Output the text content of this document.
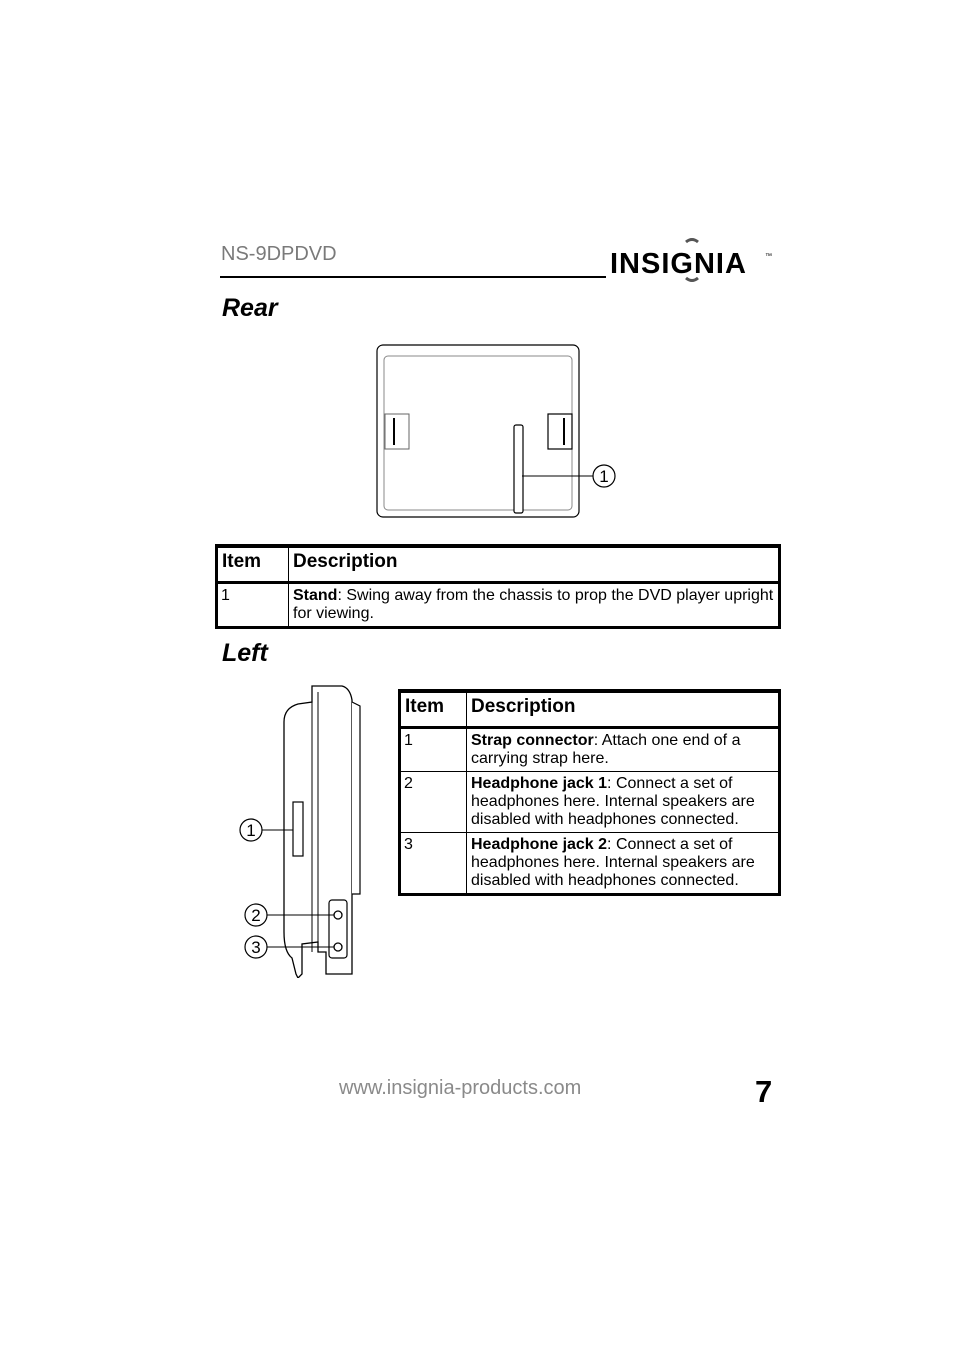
NS-9DPDVD	INSIGNIA	™
Rear
1
Item	Description
1	Stand: Swing away from the chassis to prop the DVD player upright for viewing.
Left
1
2
3
Item	Description
1	Strap connector: Attach one end of a carrying strap here.
2	Headphone jack 1: Connect a set of headphones here. Internal speakers are disabled with headphones connected.
3	Headphone jack 2: Connect a set of headphones here. Internal speakers are disabled with headphones connected.
www.insignia-products.com	7
